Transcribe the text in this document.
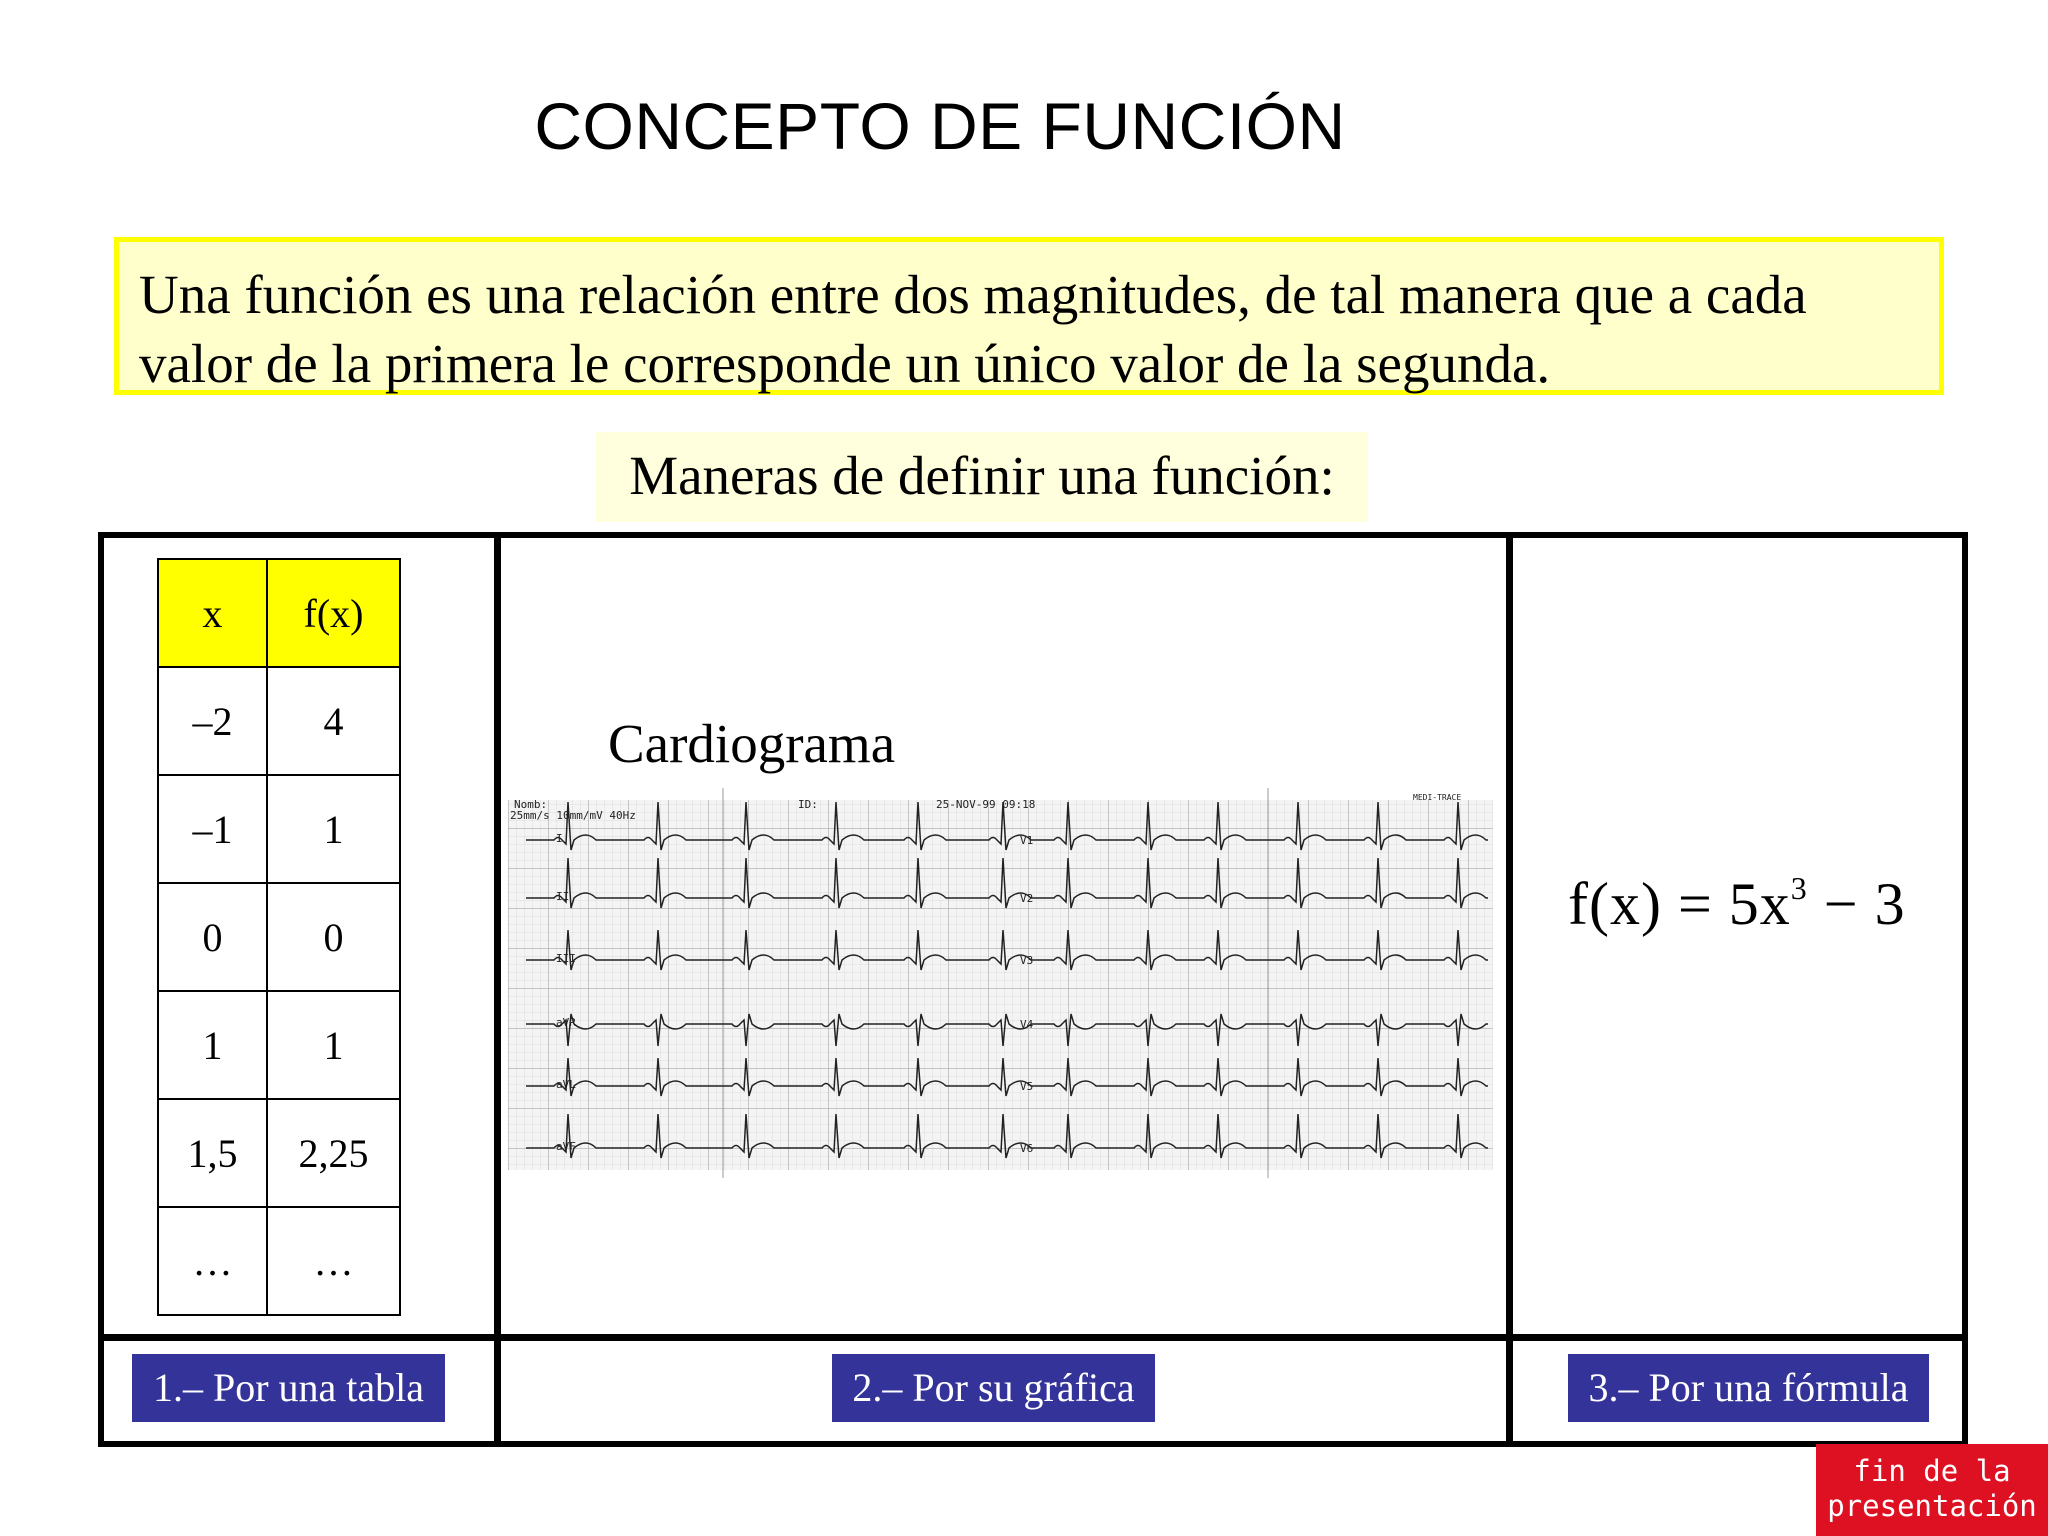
CONCEPTO DE FUNCIÓN
Una función es una relación entre dos magnitudes, de tal manera que a cada valor de la primera le corresponde un único valor de la segunda.
Maneras de definir una función:
x	f(x)
–2	4
–1	1
0	0
1	1
1,5	2,25
…	…
Cardiograma
Nomb:
25mm/s 10mm/mV 40Hz
ID:	25-NOV-99 09:18
MEDI-TRACE
I	V1
II	V2
III	V3
aVR	V4
aVL	V5
aVF	V6
$f(x) = 5x^3 - 3$
1.– Por una tabla	2.– Por su gráfica	3.– Por una fórmula
fin de la
presentación
